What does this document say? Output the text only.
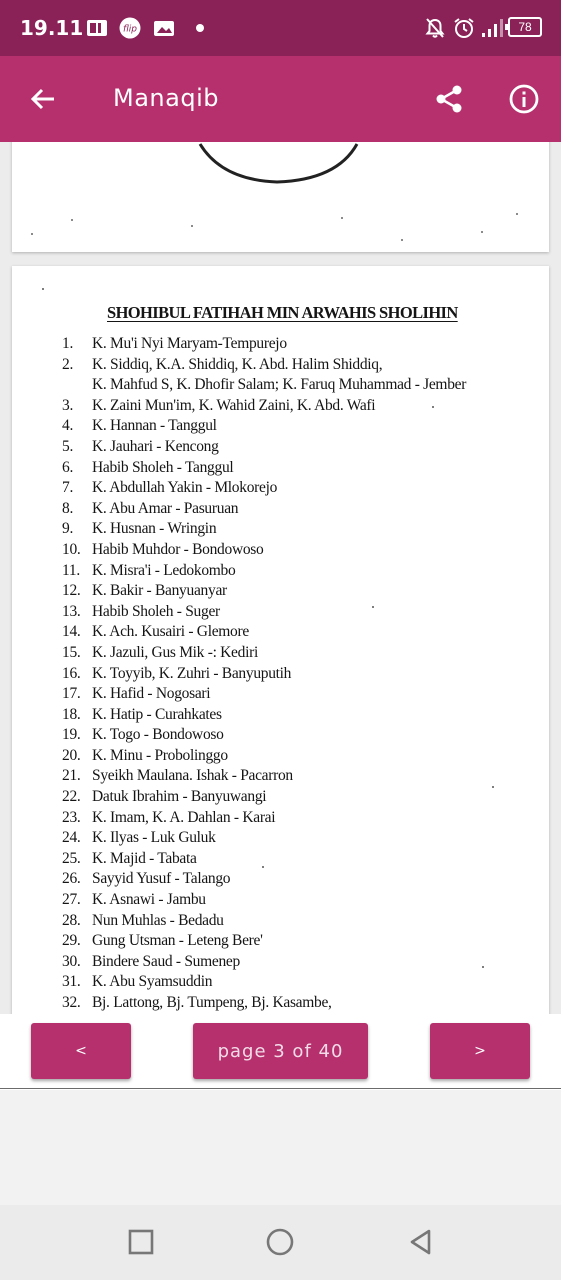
19.11	flip	78
Manaqib
SHOHIBUL FATIHAH MIN ARWAHIS SHOLIHIN
1.	K. Mu'i Nyi Maryam-Tempurejo
2.	K. Siddiq, K.A. Shiddiq, K. Abd. Halim Shiddiq,
K. Mahfud S, K. Dhofir Salam; K. Faruq Muhammad - Jember
3.	K. Zaini Mun'im, K. Wahid Zaini, K. Abd. Wafi
4.	K. Hannan - Tanggul
5.	K. Jauhari - Kencong
6.	Habib Sholeh - Tanggul
7.	K. Abdullah Yakin - Mlokorejo
8.	K. Abu Amar - Pasuruan
9.	K. Husnan - Wringin
10. Habib Muhdor - Bondowoso
11. K. Misra'i - Ledokombo
12. K. Bakir - Banyuanyar
13. Habib Sholeh - Suger
14. K. Ach. Kusairi - Glemore
15. K. Jazuli, Gus Mik -: Kediri
16. K. Toyyib, K. Zuhri - Banyuputih
17. K. Hafid - Nogosari
18. K. Hatip - Curahkates
19. K. Togo - Bondowoso
20. K. Minu - Probolinggo
21. Syeikh Maulana. Ishak - Pacarron
22. Datuk Ibrahim - Banyuwangi
23. K. Imam, K. A. Dahlan - Karai
24. K. Ilyas - Luk Guluk
25. K. Majid - Tabata
26. Sayyid Yusuf - Talango
27. K. Asnawi - Jambu
28. Nun Muhlas - Bedadu
29. Gung Utsman - Leteng Bere'
30. Bindere Saud - Sumenep
31. K. Abu Syamsuddin
32. Bj. Lattong, Bj. Tumpeng, Bj. Kasambe,
<	page 3 of 40	>
